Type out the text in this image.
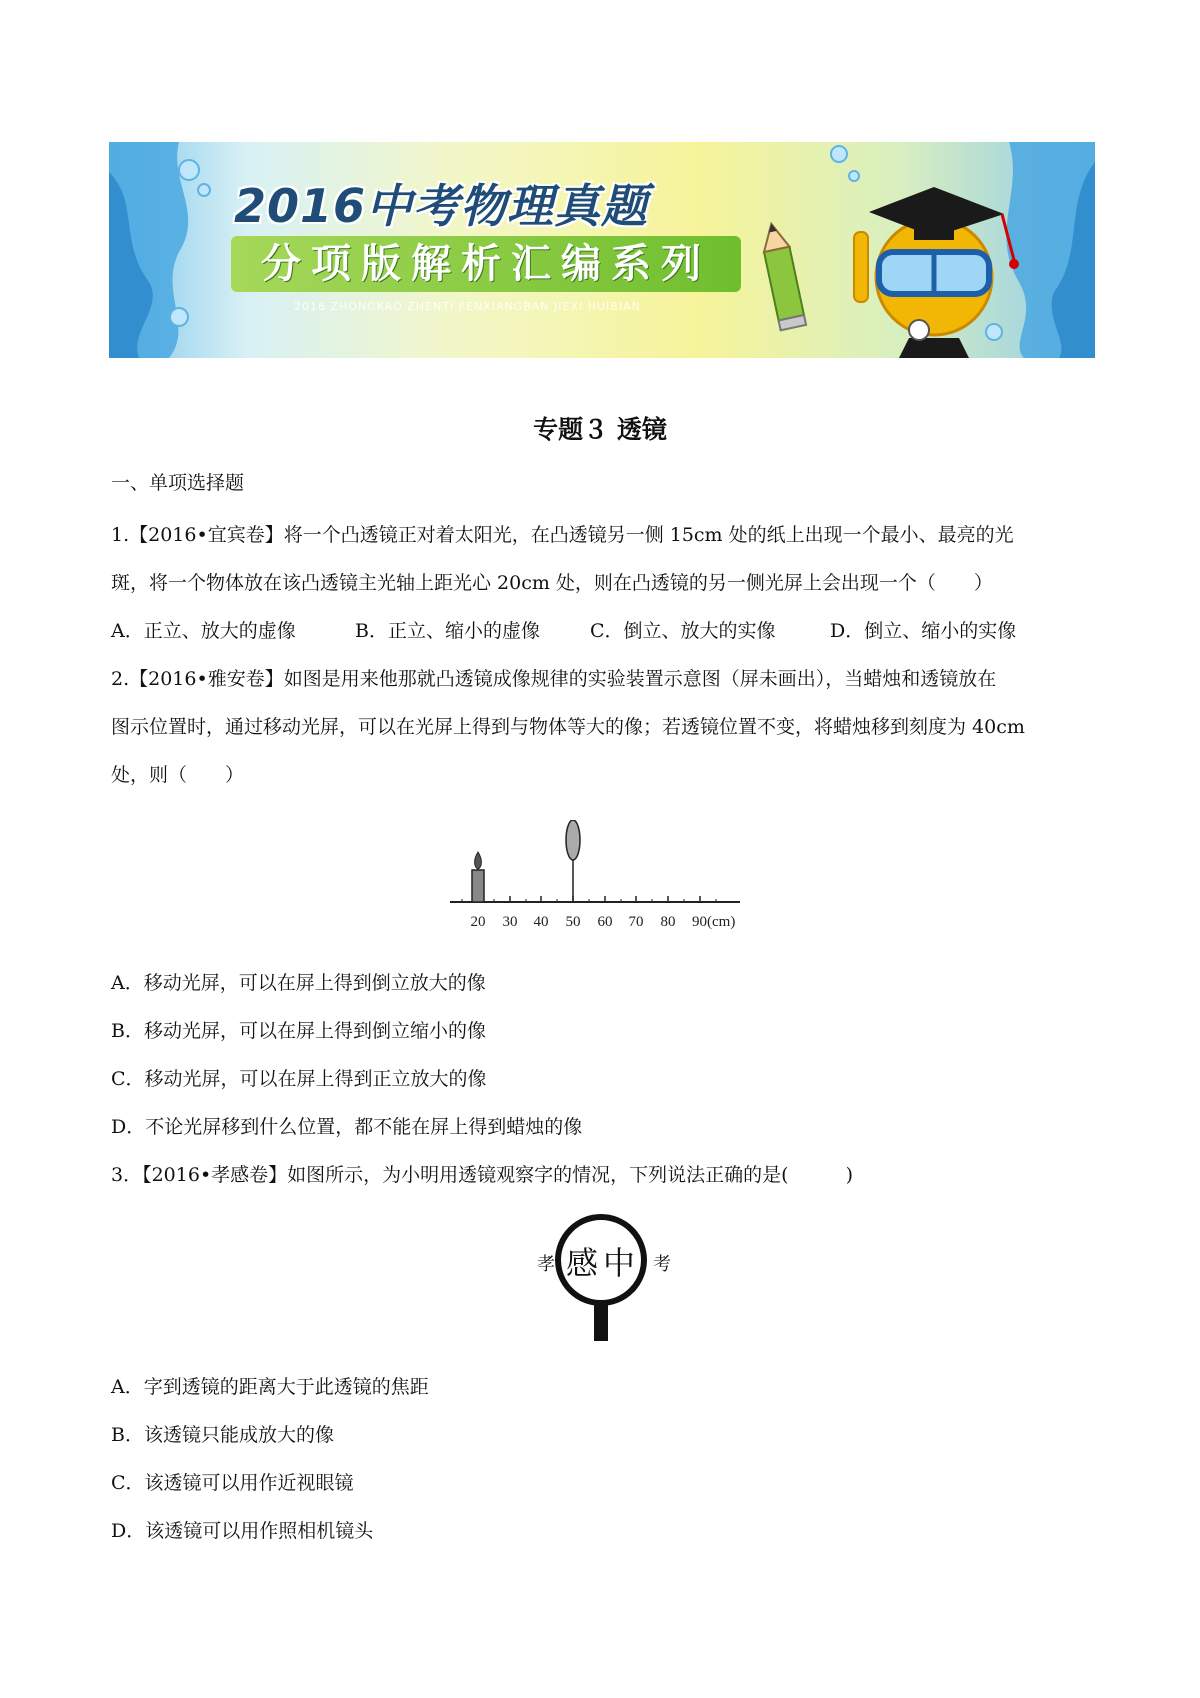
2016中考物理真题
分项版解析汇编系列
2016 ZHONGKAO ZHENTI FENXIANGBAN JIEXI HUIBIAN
专题３ 透镜
一、单项选择题
1.【2016•宜宾卷】将一个凸透镜正对着太阳光，在凸透镜另一侧 15cm 处的纸上出现一个最小、最亮的光
斑，将一个物体放在该凸透镜主光轴上距光心 20cm 处，则在凸透镜的另一侧光屏上会出现一个（　　）
A．正立、放大的虚像	B．正立、缩小的虚像	C．倒立、放大的实像	D．倒立、缩小的实像
2.【2016•雅安卷】如图是用来他那就凸透镜成像规律的实验装置示意图（屏未画出），当蜡烛和透镜放在
图示位置时，通过移动光屏，可以在光屏上得到与物体等大的像；若透镜位置不变，将蜡烛移到刻度为 40cm
处，则（　　）
20 30 40 50 60 70 80 90(cm)
A．移动光屏，可以在屏上得到倒立放大的像
B．移动光屏，可以在屏上得到倒立缩小的像
C．移动光屏，可以在屏上得到正立放大的像
D．不论光屏移到什么位置，都不能在屏上得到蜡烛的像
3．【2016•孝感卷】如图所示，为小明用透镜观察字的情况，下列说法正确的是(　　　)
孝 感 中 考
A．字到透镜的距离大于此透镜的焦距
B．该透镜只能成放大的像
C．该透镜可以用作近视眼镜
D．该透镜可以用作照相机镜头
